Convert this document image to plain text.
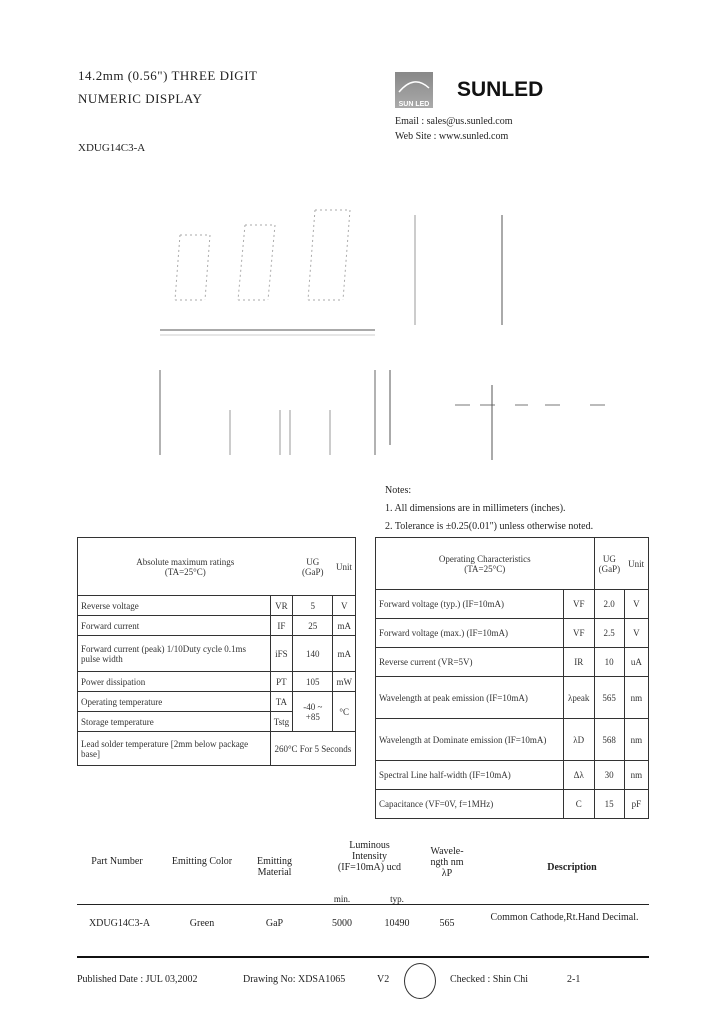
14.2mm (0.56") THREE DIGIT
NUMERIC DISPLAY
XDUG14C3-A
SUN LED
SUNLED
Email : sales@us.sunled.com
Web Site : www.sunled.com
Notes:
1. All dimensions are in millimeters (inches).
2. Tolerance is ±0.25(0.01") unless otherwise noted.
Absolute maximum ratings
(TA=25°C)		UG
(GaP)	Unit
Reverse voltage	VR	5	V
Forward current	IF	25	mA
Forward current (peak) 1/10Duty cycle 0.1ms pulse width	iFS	140	mA
Power dissipation	PT	105	mW
Operating temperature	TA	-40 ~ +85	°C
Storage temperature	Tstg		
Lead solder temperature [2mm below package base]	260°C For 5 Seconds		
Operating Characteristics
(TA=25°C)		UG
(GaP)	Unit
Forward voltage (typ.) (IF=10mA)	VF	2.0	V
Forward voltage (max.) (IF=10mA)	VF	2.5	V
Reverse current (VR=5V)	IR	10	uA
Wavelength at peak emission (IF=10mA)	λpeak	565	nm
Wavelength at Dominate emission (IF=10mA)	λD	568	nm
Spectral Line half-width (IF=10mA)	Δλ	30	nm
Capacitance (VF=0V, f=1MHz)	C	15	pF
Part Number	Emitting Color	Emitting Material
Luminous Intensity (IF=10mA) ucd
min.	typ.
Wavele- ngth nm λP
Description
XDUG14C3-A	Green	GaP	5000	10490	565
Common Cathode,Rt.Hand Decimal.
Published Date : JUL 03,2002	Drawing No: XDSA1065	V2	Checked : Shin Chi	2-1
